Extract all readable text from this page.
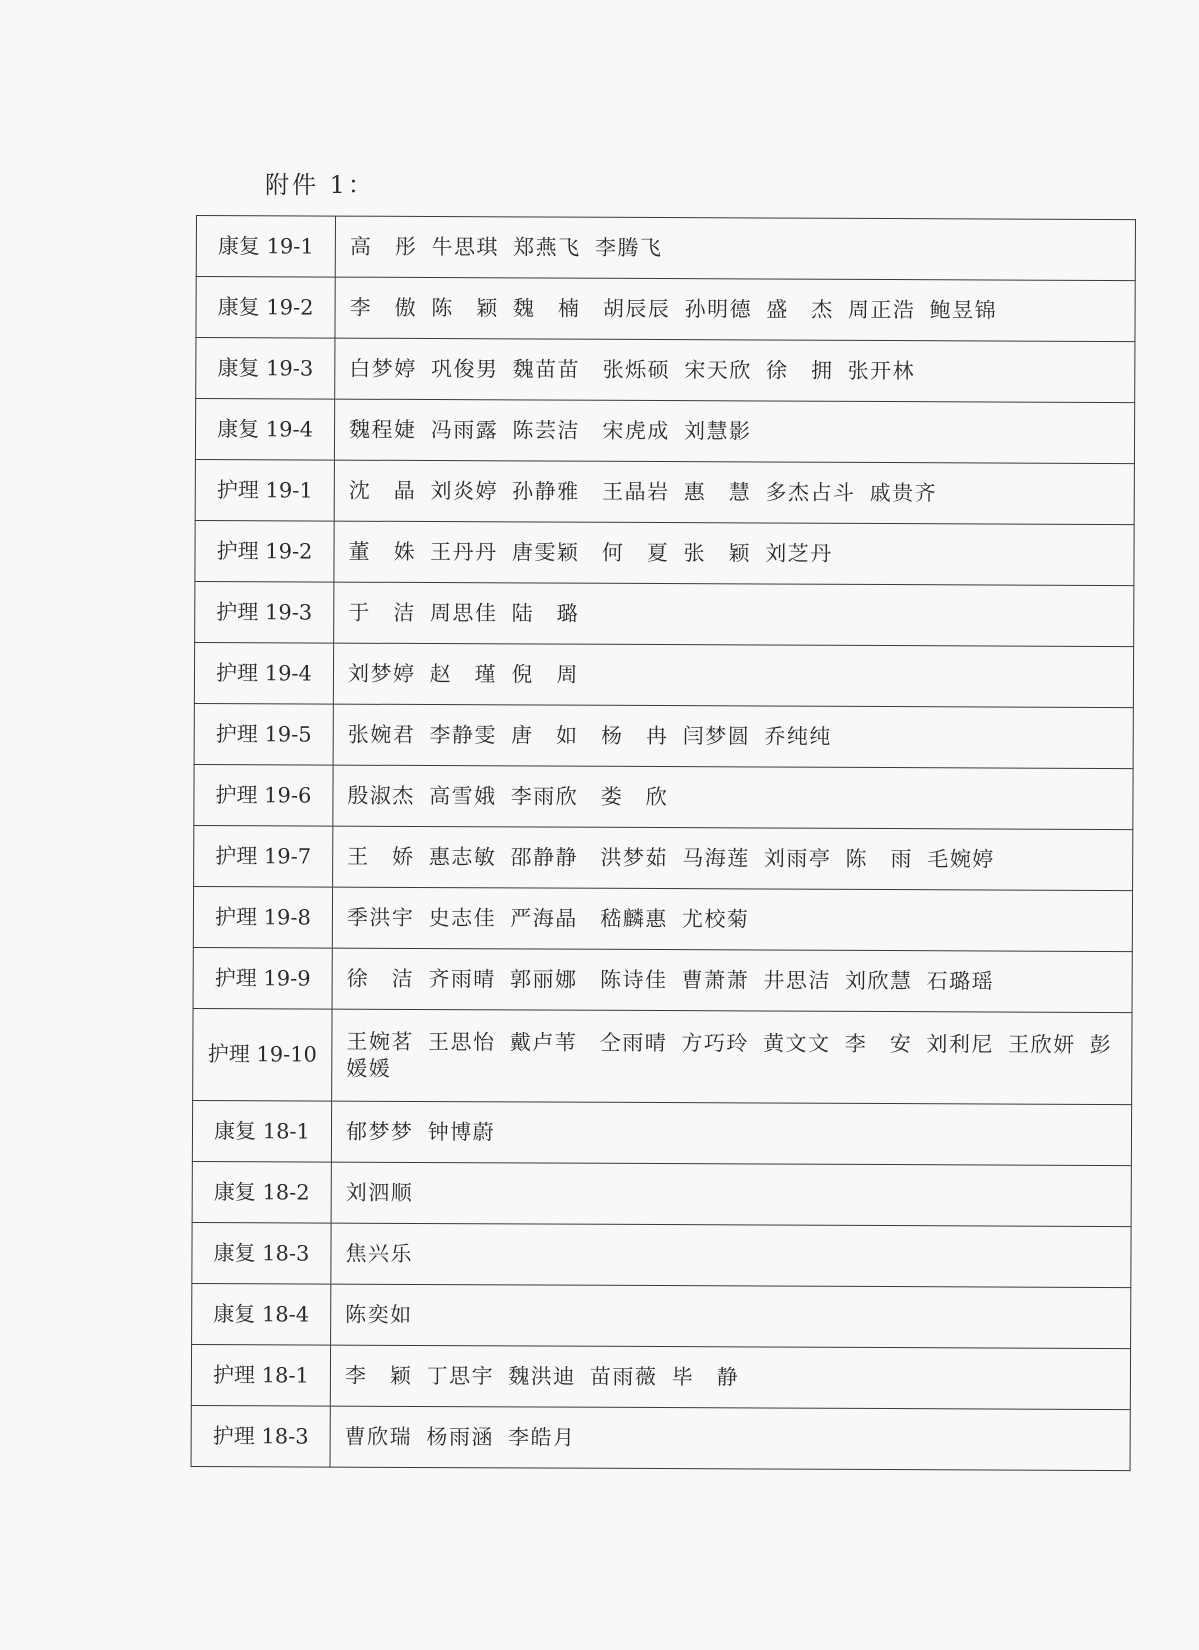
附件 1：
康复 19-1	高　彤 牛思琪 郑燕飞 李腾飞
康复 19-2	李　傲 陈　颖 魏　楠　胡辰辰 孙明德 盛　杰 周正浩 鲍昱锦
康复 19-3	白梦婷 巩俊男 魏苗苗　张烁硕 宋天欣 徐　拥 张开林
康复 19-4	魏程婕 冯雨露 陈芸洁　宋虎成 刘慧影
护理 19-1	沈　晶 刘炎婷 孙静雅　王晶岩 惠　慧 多杰占斗 戚贵齐
护理 19-2	董　姝 王丹丹 唐雯颖　何　夏 张　颖 刘芝丹
护理 19-3	于　洁 周思佳 陆　璐
护理 19-4	刘梦婷 赵　瑾 倪　周
护理 19-5	张婉君 李静雯 唐　如　杨　冉 闫梦圆 乔纯纯
护理 19-6	殷淑杰 高雪娥 李雨欣　娄　欣
护理 19-7	王　娇 惠志敏 邵静静　洪梦茹 马海莲 刘雨亭 陈　雨 毛婉婷
护理 19-8	季洪宇 史志佳 严海晶　嵇麟惠 尤校菊
护理 19-9	徐　洁 齐雨晴 郭丽娜　陈诗佳 曹萧萧 井思洁 刘欣慧 石璐瑶
护理 19-10	王婉茗 王思怡 戴卢苇　仝雨晴 方巧玲 黄文文 李　安 刘利尼 王欣妍 彭媛媛
康复 18-1	郁梦梦 钟博蔚
康复 18-2	刘泗顺
康复 18-3	焦兴乐
康复 18-4	陈奕如
护理 18-1	李　颖 丁思宇 魏洪迪 苗雨薇 毕　静
护理 18-3	曹欣瑞 杨雨涵 李皓月
